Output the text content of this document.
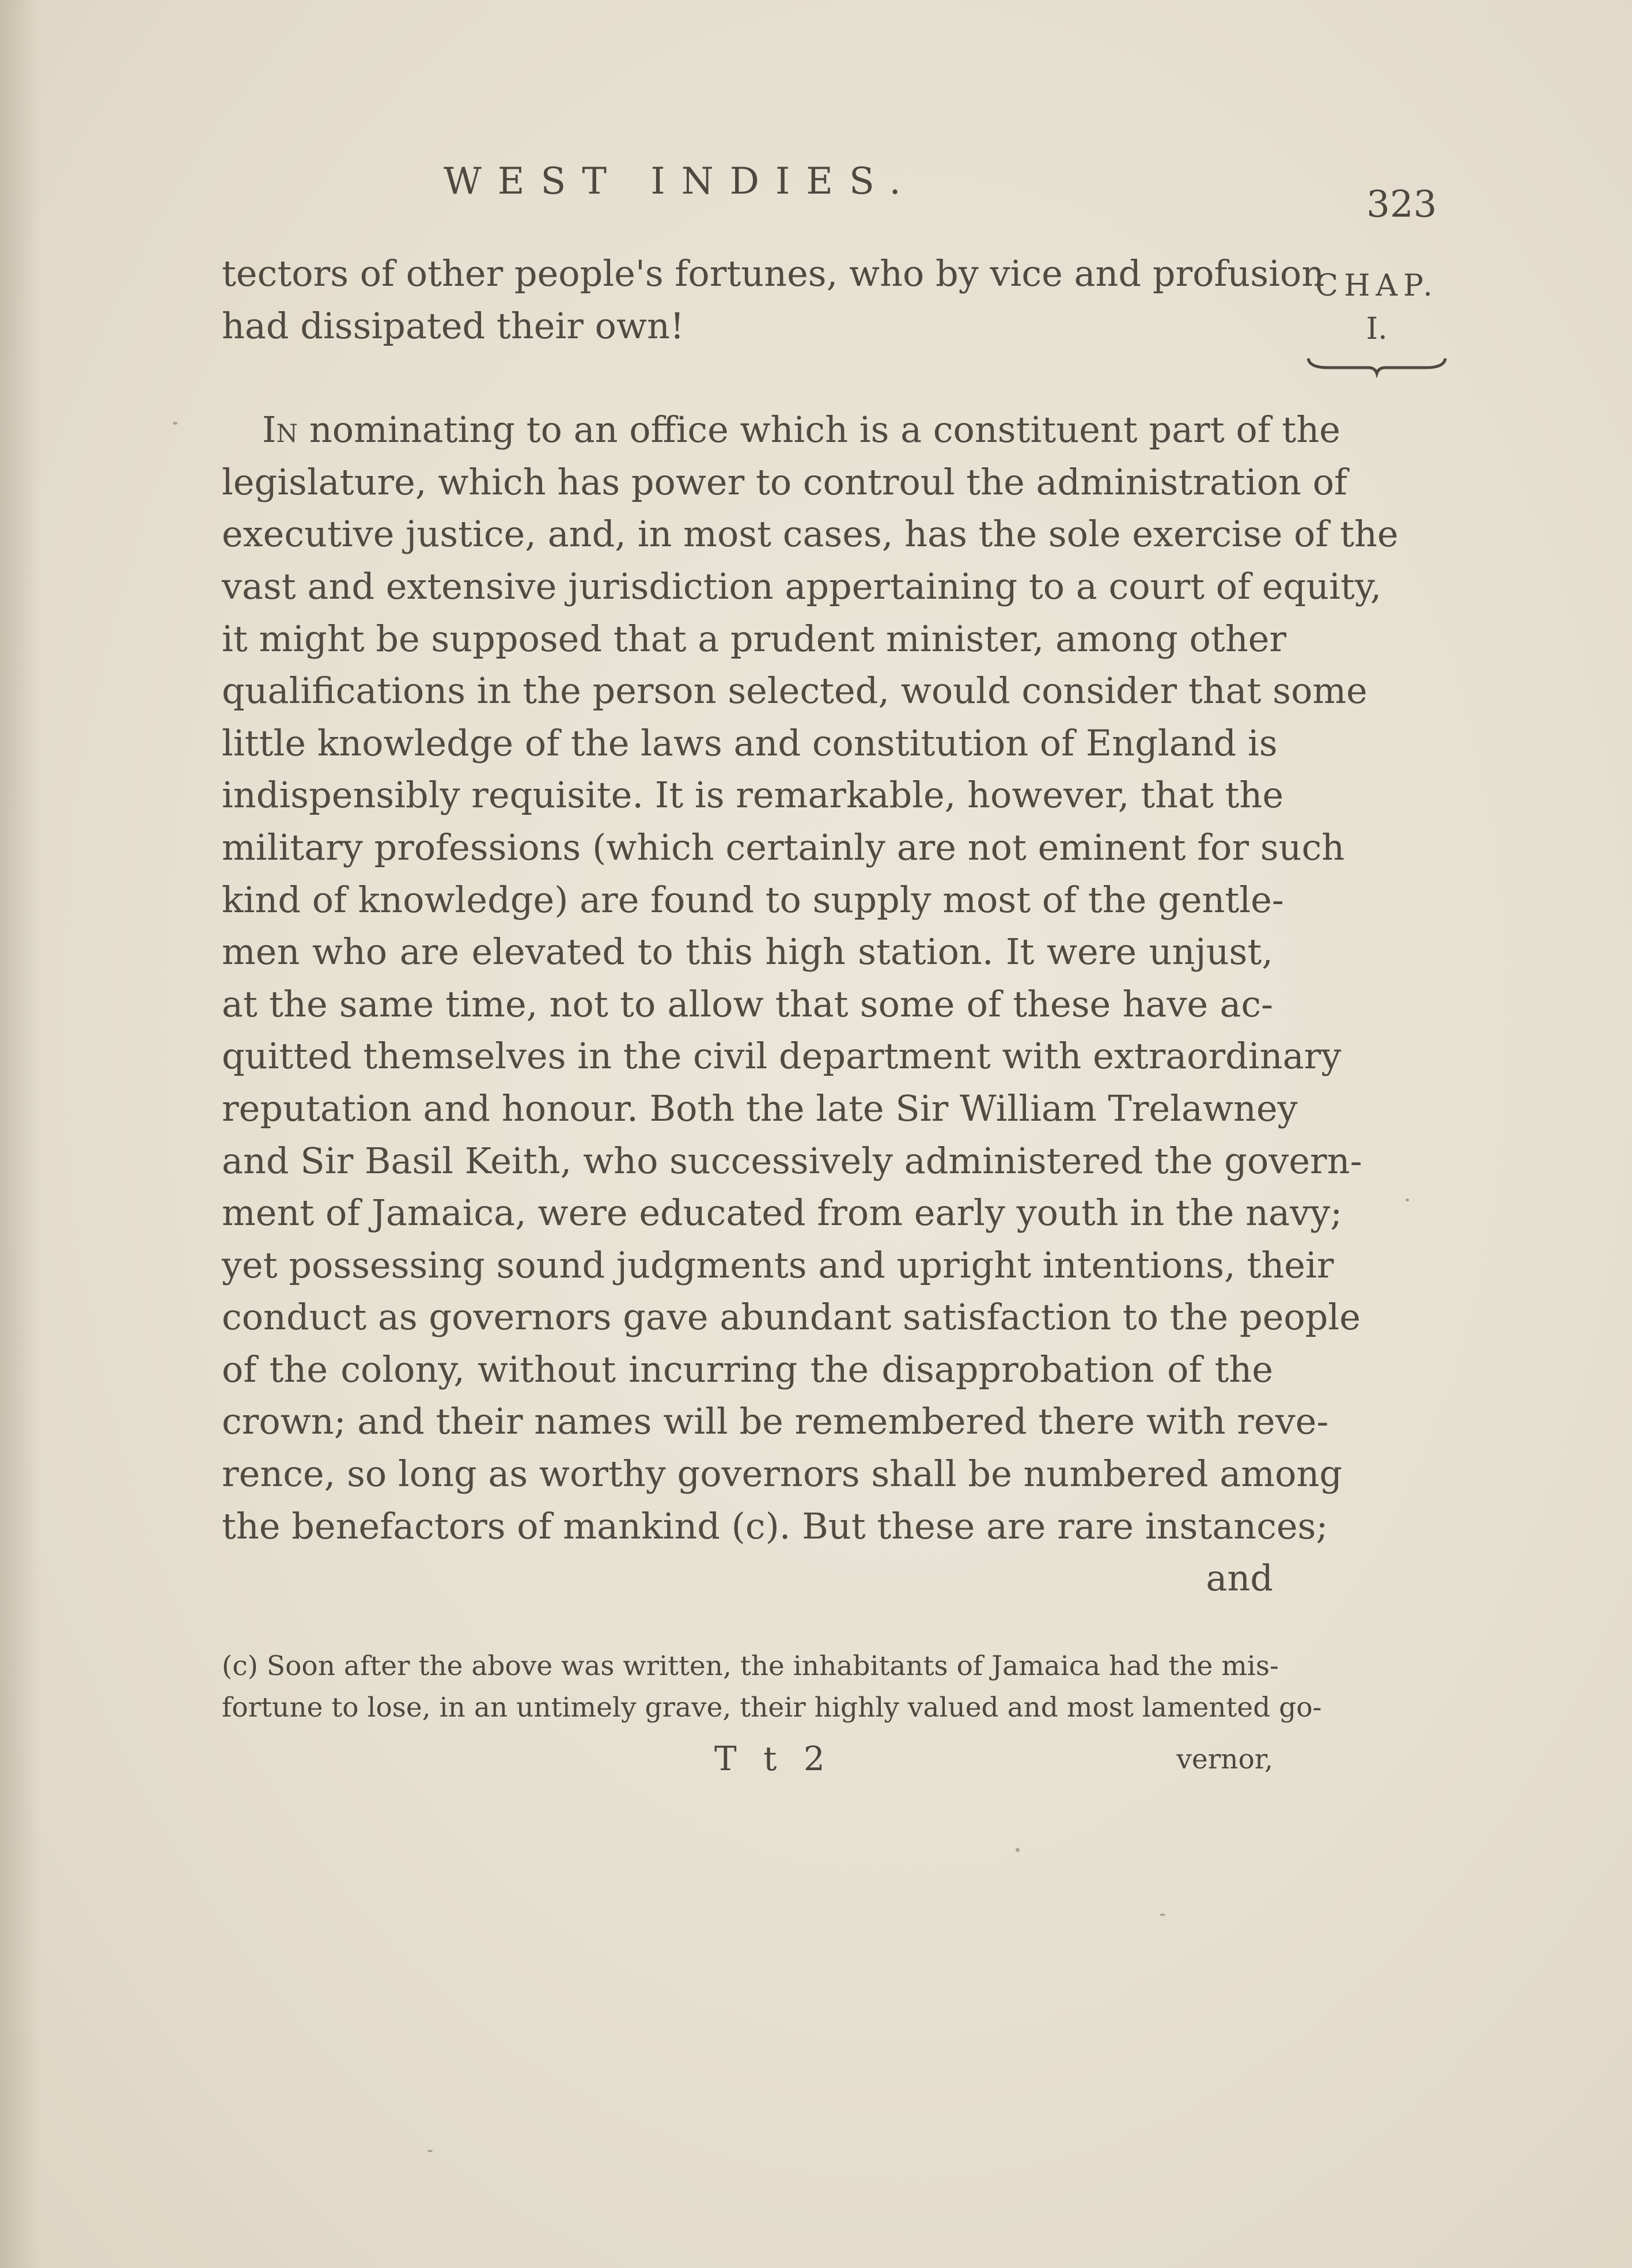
WEST INDIES.
323
CHAP.
I.
tectors of other people's fortunes, who by vice and profusion
had dissipated their own!
In nominating to an office which is a constituent part of the
legislature, which has power to controul the administration of
executive justice, and, in most cases, has the sole exercise of the
vast and extensive jurisdiction appertaining to a court of equity,
it might be supposed that a prudent minister, among other
qualifications in the person selected, would consider that some
little knowledge of the laws and constitution of England is
indispensibly requisite. It is remarkable, however, that the
military professions (which certainly are not eminent for such
kind of knowledge) are found to supply most of the gentle-
men who are elevated to this high station. It were unjust,
at the same time, not to allow that some of these have ac-
quitted themselves in the civil department with extraordinary
reputation and honour. Both the late Sir William Trelawney
and Sir Basil Keith, who successively administered the govern-
ment of Jamaica, were educated from early youth in the navy;
yet possessing sound judgments and upright intentions, their
conduct as governors gave abundant satisfaction to the people
of the colony, without incurring the disapprobation of the
crown; and their names will be remembered there with reve-
rence, so long as worthy governors shall be numbered among
the benefactors of mankind (c). But these are rare instances;
and
(c) Soon after the above was written, the inhabitants of Jamaica had the mis-
fortune to lose, in an untimely grave, their highly valued and most lamented go-
T t 2	vernor,
